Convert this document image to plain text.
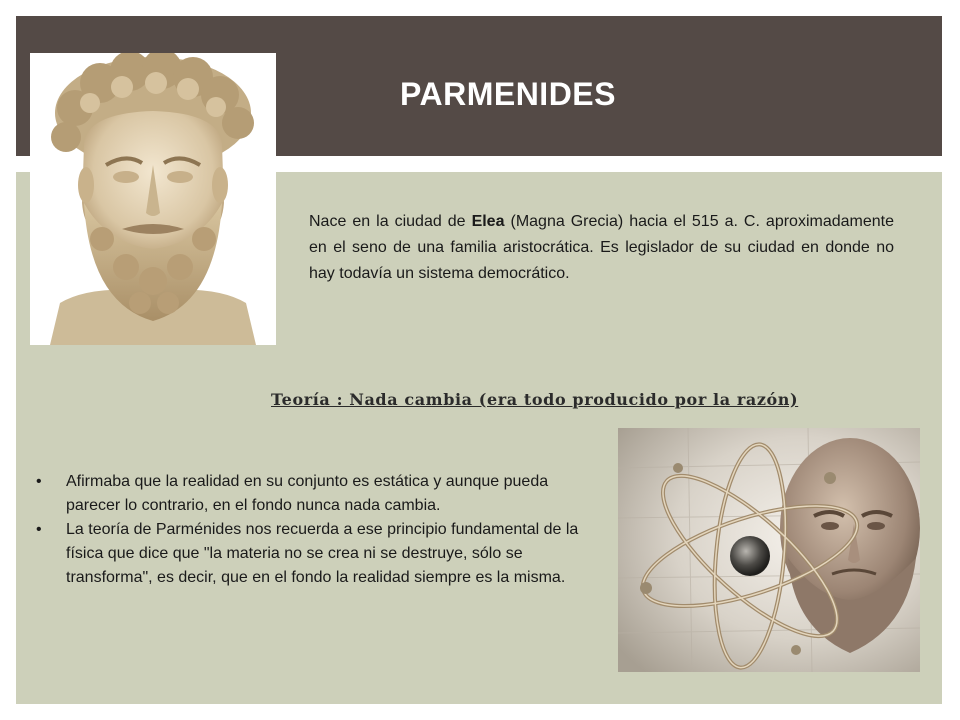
PARMENIDES
Nace en la ciudad de Elea (Magna Grecia) hacia el 515 a. C. aproximadamente en el seno de una familia aristocrática. Es legislador de su ciudad en donde no hay todavía un sistema democrático.
Teoría : Nada cambia (era todo producido por la razón)
• Afirmaba que la realidad en su conjunto es estática y aunque pueda parecer lo contrario, en el fondo nunca nada cambia.
• La teoría de Parménides nos recuerda a ese principio fundamental de la física que dice que "la materia no se crea ni se destruye, sólo se transforma", es decir, que en el fondo la realidad siempre es la misma.
